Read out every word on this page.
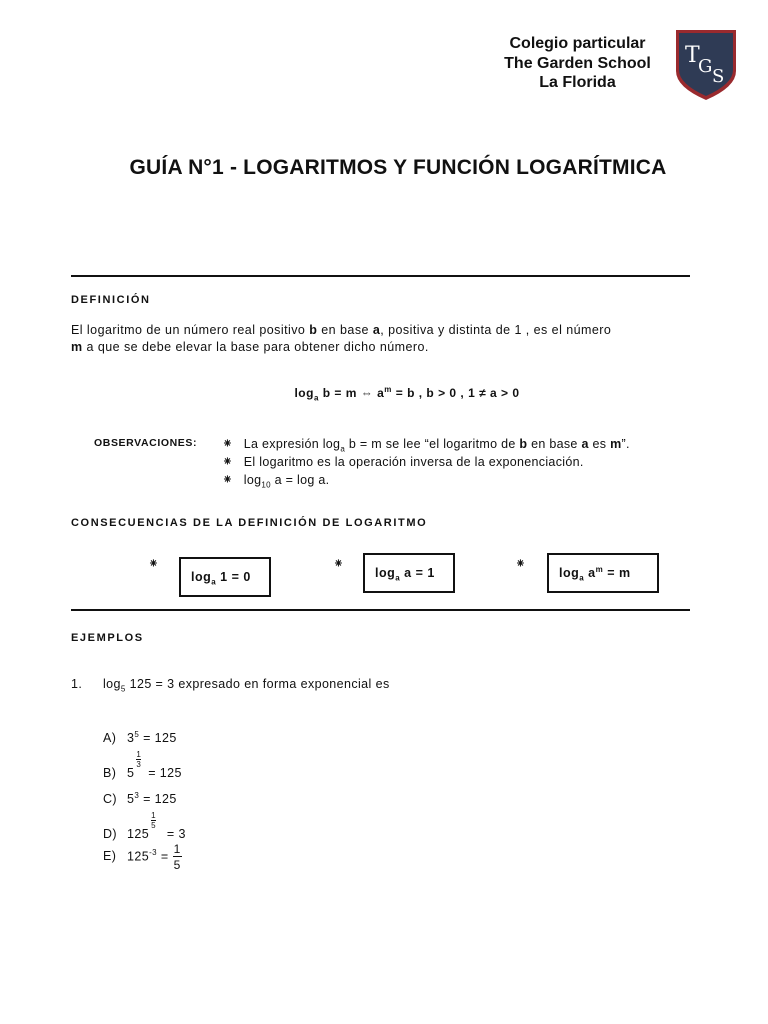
Colegio particular
The Garden School
La Florida
T
G S
GUÍA N°1 - LOGARITMOS Y FUNCIÓN LOGARÍTMICA
DEFINICIÓN
El logaritmo de un número real positivo b en base a, positiva y distinta de 1 , es el número
m a que se debe elevar la base para obtener dicho número.
$\log_a b = m$ ⇔ $a^m = b$ , b > 0 , 1 ≠ a > 0
OBSERVACIONES: ⁕ La expresión $\log_a b = m$ se lee “el logaritmo de b en base a es m”.
⁕ El logaritmo es la operación inversa de la exponenciación.
⁕ $\log_{10} a = \log a$.
CONSECUENCIAS DE LA DEFINICIÓN DE LOGARITMO
⁕
$\log_a 1 = 0$
⁕
$\log_a a = 1$
⁕
$\log_a a^m = m$
EJEMPLOS
1. $\log_5 125 = 3$ expresado en forma exponencial es
A) $3^5 = 125$
B) 5
$\frac{1}{3}$
= 125
C) $5^3 = 125$
D) 125
$\frac{1}{5}$
= 3
E) $125^{-3} = \frac{1}{5}$
